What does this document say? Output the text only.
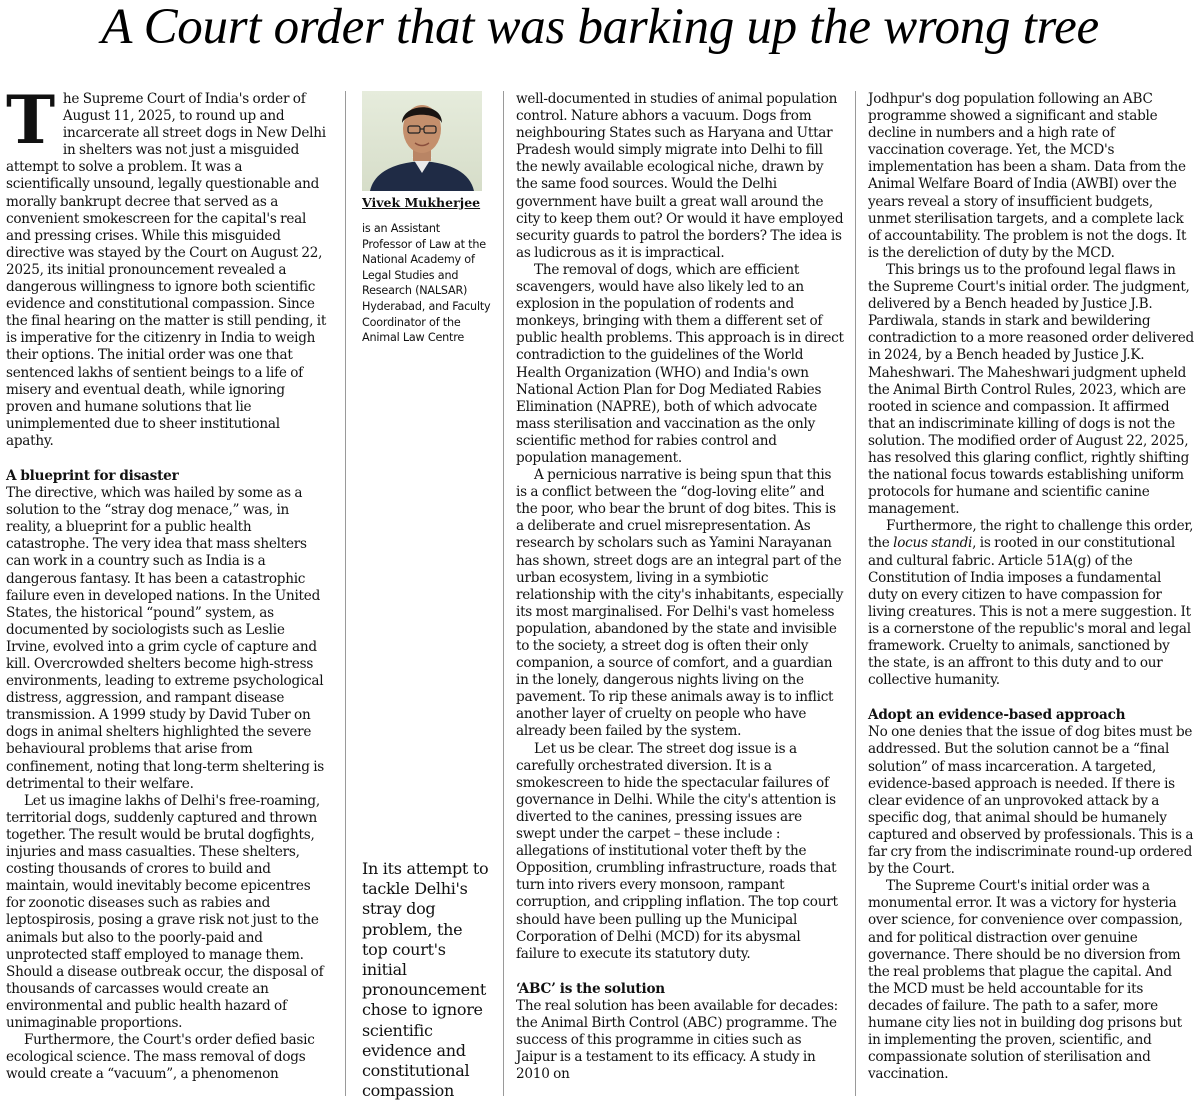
A Court order that was barking up the wrong tree

The Supreme Court of India's order of August 11, 2025, to round up and incarcerate all street dogs in New Delhi in shelters was not just a misguided attempt to solve a problem. It was a scientifically unsound, legally questionable and morally bankrupt decree that served as a convenient smokescreen for the capital's real and pressing crises. While this misguided directive was stayed by the Court on August 22, 2025, its initial pronouncement revealed a dangerous willingness to ignore both scientific evidence and constitutional compassion. Since the final hearing on the matter is still pending, it is imperative for the citizenry in India to weigh their options. The initial order was one that sentenced lakhs of sentient beings to a life of misery and eventual death, while ignoring proven and humane solutions that lie unimplemented due to sheer institutional apathy.

A blueprint for disaster

The directive, which was hailed by some as a solution to the “stray dog menace,” was, in reality, a blueprint for a public health catastrophe. The very idea that mass shelters can work in a country such as India is a dangerous fantasy. It has been a catastrophic failure even in developed nations. In the United States, the historical “pound” system, as documented by sociologists such as Leslie Irvine, evolved into a grim cycle of capture and kill. Overcrowded shelters become high-stress environments, leading to extreme psychological distress, aggression, and rampant disease transmission. A 1999 study by David Tuber on dogs in animal shelters highlighted the severe behavioural problems that arise from confinement, noting that long-term sheltering is detrimental to their welfare.

Let us imagine lakhs of Delhi's free-roaming, territorial dogs, suddenly captured and thrown together. The result would be brutal dogfights, injuries and mass casualties. These shelters, costing thousands of crores to build and maintain, would inevitably become epicentres for zoonotic diseases such as rabies and leptospirosis, posing a grave risk not just to the animals but also to the poorly-paid and unprotected staff employed to manage them. Should a disease outbreak occur, the disposal of thousands of carcasses would create an environmental and public health hazard of unimaginable proportions.

Furthermore, the Court's order defied basic ecological science. The mass removal of dogs would create a “vacuum”, a phenomenon

Vivek Mukherjee
is an Assistant Professor of Law at the National Academy of Legal Studies and Research (NALSAR) Hyderabad, and Faculty Coordinator of the Animal Law Centre
In its attempt to tackle Delhi's stray dog problem, the top court's initial pronouncement chose to ignore scientific evidence and constitutional compassion

well-documented in studies of animal population control. Nature abhors a vacuum. Dogs from neighbouring States such as Haryana and Uttar Pradesh would simply migrate into Delhi to fill the newly available ecological niche, drawn by the same food sources. Would the Delhi government have built a great wall around the city to keep them out? Or would it have employed security guards to patrol the borders? The idea is as ludicrous as it is impractical.

The removal of dogs, which are efficient scavengers, would have also likely led to an explosion in the population of rodents and monkeys, bringing with them a different set of public health problems. This approach is in direct contradiction to the guidelines of the World Health Organization (WHO) and India's own National Action Plan for Dog Mediated Rabies Elimination (NAPRE), both of which advocate mass sterilisation and vaccination as the only scientific method for rabies control and population management.

A pernicious narrative is being spun that this is a conflict between the “dog-loving elite” and the poor, who bear the brunt of dog bites. This is a deliberate and cruel misrepresentation. As research by scholars such as Yamini Narayanan has shown, street dogs are an integral part of the urban ecosystem, living in a symbiotic relationship with the city's inhabitants, especially its most marginalised. For Delhi's vast homeless population, abandoned by the state and invisible to the society, a street dog is often their only companion, a source of comfort, and a guardian in the lonely, dangerous nights living on the pavement. To rip these animals away is to inflict another layer of cruelty on people who have already been failed by the system.

Let us be clear. The street dog issue is a carefully orchestrated diversion. It is a smokescreen to hide the spectacular failures of governance in Delhi. While the city's attention is diverted to the canines, pressing issues are swept under the carpet – these include : allegations of institutional voter theft by the Opposition, crumbling infrastructure, roads that turn into rivers every monsoon, rampant corruption, and crippling inflation. The top court should have been pulling up the Municipal Corporation of Delhi (MCD) for its abysmal failure to execute its statutory duty.

‘ABC’ is the solution

The real solution has been available for decades: the Animal Birth Control (ABC) programme. The success of this programme in cities such as Jaipur is a testament to its efficacy. A study in 2010 on

Jodhpur's dog population following an ABC programme showed a significant and stable decline in numbers and a high rate of vaccination coverage. Yet, the MCD's implementation has been a sham. Data from the Animal Welfare Board of India (AWBI) over the years reveal a story of insufficient budgets, unmet sterilisation targets, and a complete lack of accountability. The problem is not the dogs. It is the dereliction of duty by the MCD.

This brings us to the profound legal flaws in the Supreme Court's initial order. The judgment, delivered by a Bench headed by Justice J.B. Pardiwala, stands in stark and bewildering contradiction to a more reasoned order delivered in 2024, by a Bench headed by Justice J.K. Maheshwari. The Maheshwari judgment upheld the Animal Birth Control Rules, 2023, which are rooted in science and compassion. It affirmed that an indiscriminate killing of dogs is not the solution. The modified order of August 22, 2025, has resolved this glaring conflict, rightly shifting the national focus towards establishing uniform protocols for humane and scientific canine management.

Furthermore, the right to challenge this order, the locus standi, is rooted in our constitutional and cultural fabric. Article 51A(g) of the Constitution of India imposes a fundamental duty on every citizen to have compassion for living creatures. This is not a mere suggestion. It is a cornerstone of the republic's moral and legal framework. Cruelty to animals, sanctioned by the state, is an affront to this duty and to our collective humanity.

Adopt an evidence-based approach

No one denies that the issue of dog bites must be addressed. But the solution cannot be a “final solution” of mass incarceration. A targeted, evidence-based approach is needed. If there is clear evidence of an unprovoked attack by a specific dog, that animal should be humanely captured and observed by professionals. This is a far cry from the indiscriminate round-up ordered by the Court.

The Supreme Court's initial order was a monumental error. It was a victory for hysteria over science, for convenience over compassion, and for political distraction over genuine governance. There should be no diversion from the real problems that plague the capital. And the MCD must be held accountable for its decades of failure. The path to a safer, more humane city lies not in building dog prisons but in implementing the proven, scientific, and compassionate solution of sterilisation and vaccination.
